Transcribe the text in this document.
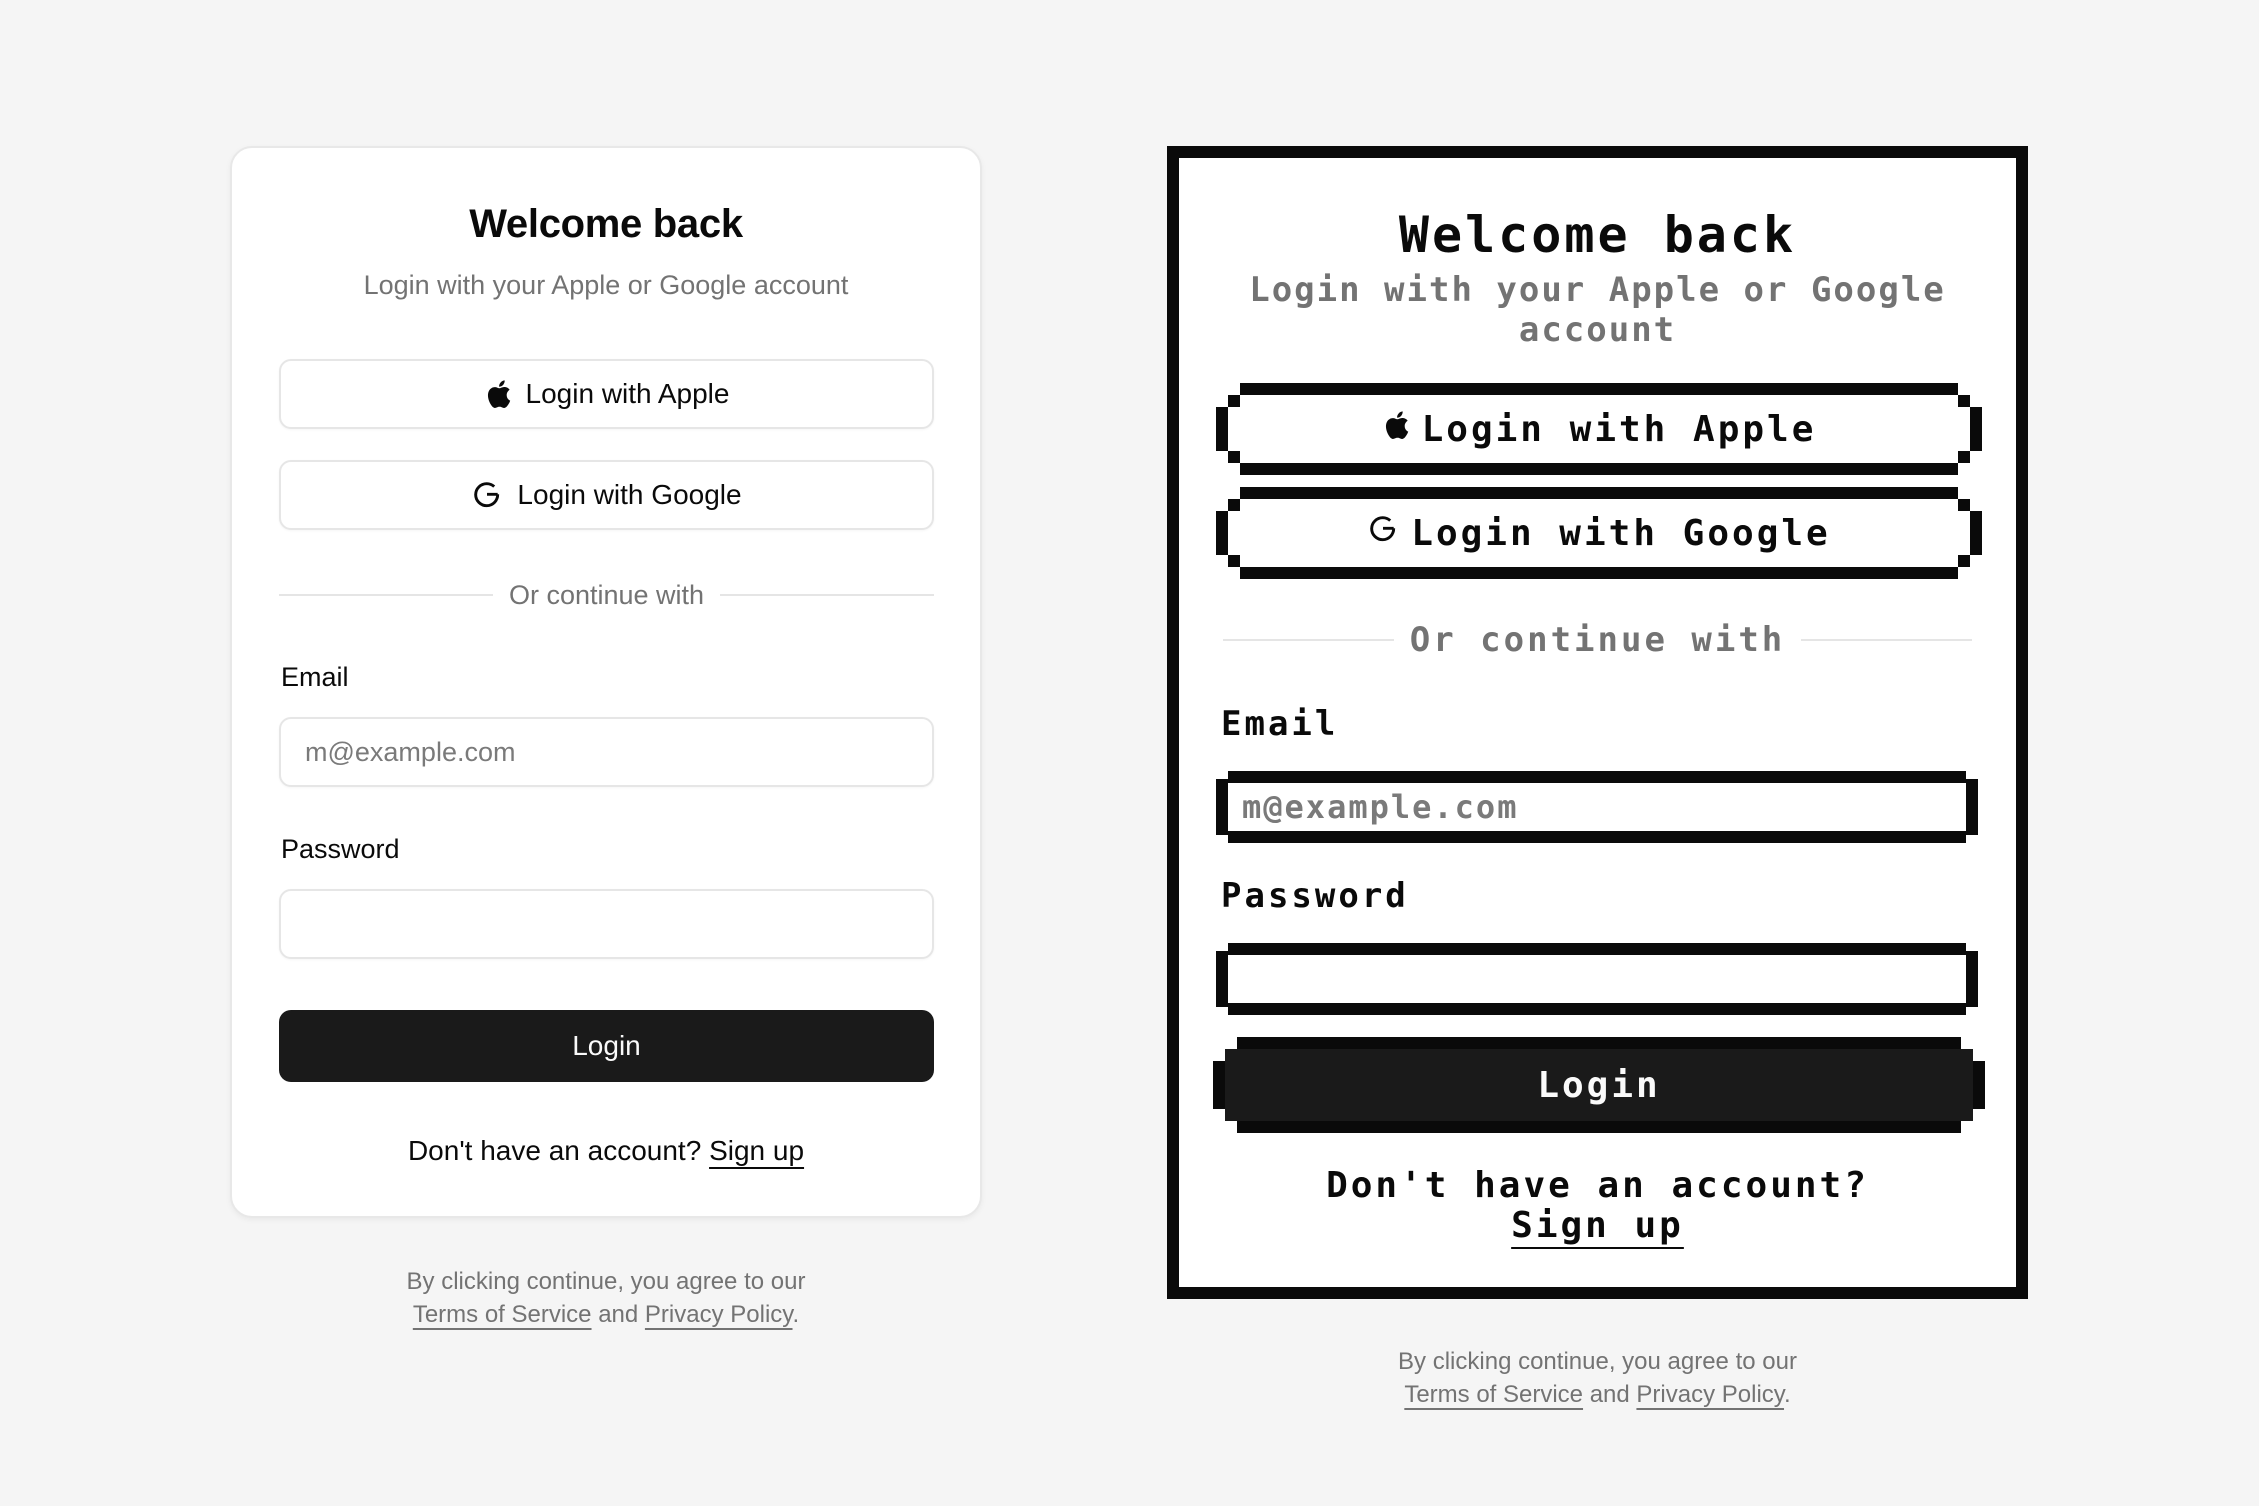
Welcome back
Login with your Apple or Google account
Login with Apple
Login with Google
Or continue with
Email
m@example.com
Password
Login
Don't have an account? Sign up
By clicking continue, you agree to our
Terms of Service and Privacy Policy.
Welcome back
Login with your Apple or Google account
Login with Apple
Login with Google
Or continue with
Email
m@example.com
Password
Login
Don't have an account?
Sign up
By clicking continue, you agree to our
Terms of Service and Privacy Policy.
